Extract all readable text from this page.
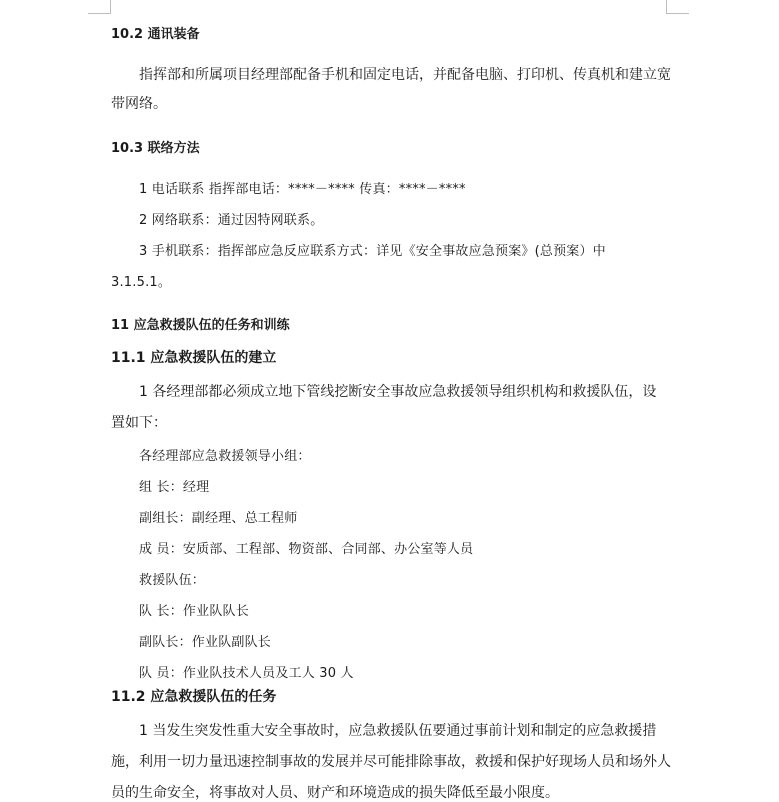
10.2 通讯装备
指挥部和所属项目经理部配备手机和固定电话，并配备电脑、打印机、传真机和建立宽
带网络。
10.3 联络方法
1 电话联系 指挥部电话：****－**** 传真：****－****
2 网络联系：通过因特网联系。
3 手机联系：指挥部应急反应联系方式：详见《安全事故应急预案》(总预案）中
3.1.5.1。
11 应急救援队伍的任务和训练
11.1 应急救援队伍的建立
1 各经理部都必须成立地下管线挖断安全事故应急救援领导组织机构和救援队伍，设
置如下：
各经理部应急救援领导小组：
组 长：经理
副组长：副经理、总工程师
成 员：安质部、工程部、物资部、合同部、办公室等人员
救援队伍：
队 长：作业队队长
副队长：作业队副队长
队 员：作业队技术人员及工人 30 人
11.2 应急救援队伍的任务
1 当发生突发性重大安全事故时，应急救援队伍要通过事前计划和制定的应急救援措
施，利用一切力量迅速控制事故的发展并尽可能排除事故，救援和保护好现场人员和场外人
员的生命安全，将事故对人员、财产和环境造成的损失降低至最小限度。
